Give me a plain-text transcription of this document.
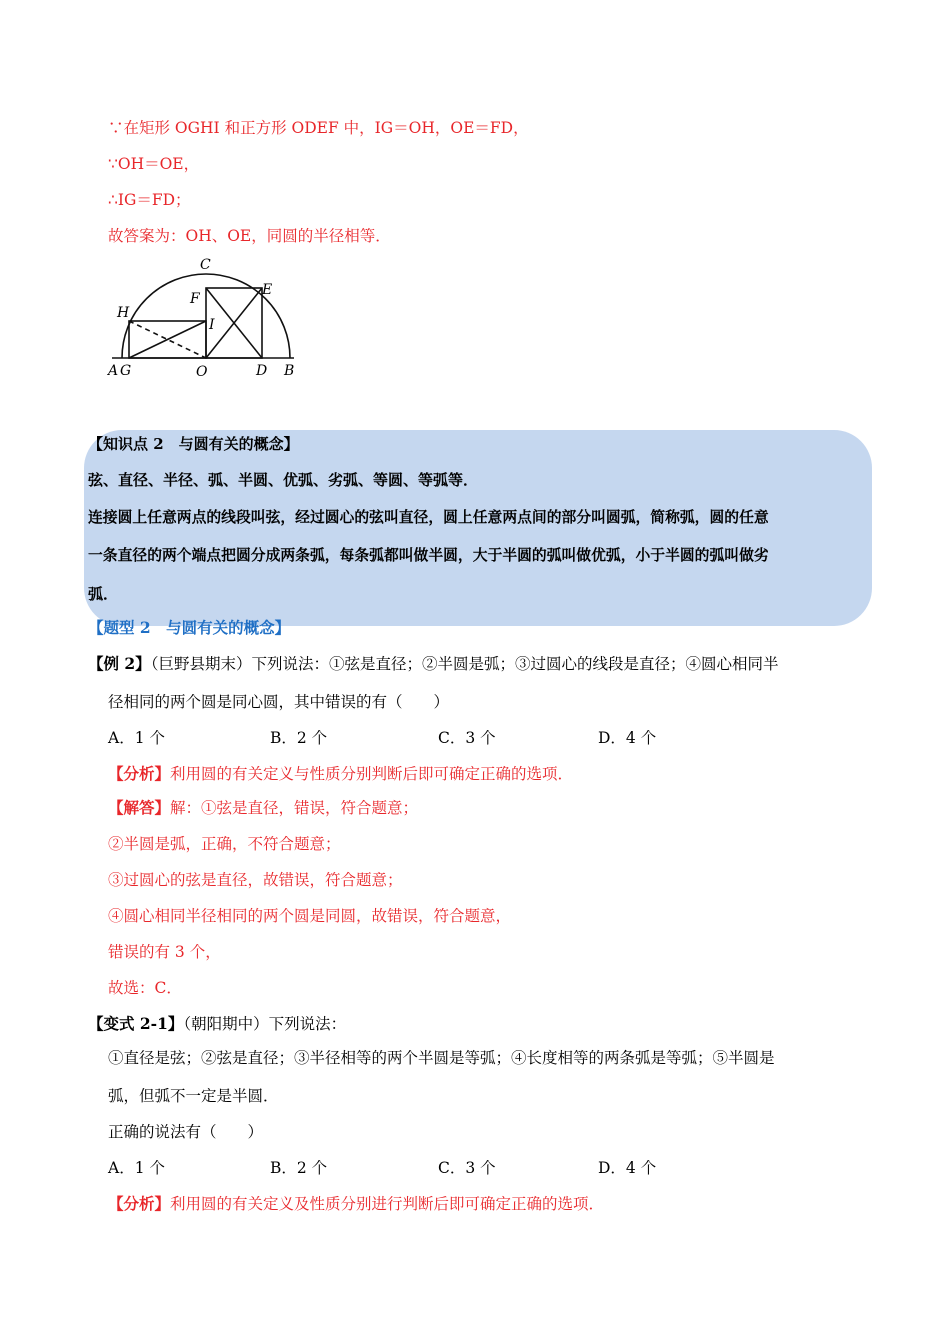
∵在矩形 OGHI 和正方形 ODEF 中，IG＝OH，OE＝FD，
∵OH＝OE，
∴IG＝FD；
故答案为：OH、OE，同圆的半径相等．
C
F
E
H
I
A G	O	D B
【知识点 2　与圆有关的概念】
弦、直径、半径、弧、半圆、优弧、劣弧、等圆、等弧等．
连接圆上任意两点的线段叫弦，经过圆心的弦叫直径，圆上任意两点间的部分叫圆弧，简称弧，圆的任意
一条直径的两个端点把圆分成两条弧，每条弧都叫做半圆，大于半圆的弧叫做优弧，小于半圆的弧叫做劣
弧．
【题型 2　与圆有关的概念】
【例 2】（巨野县期末）下列说法：①弦是直径；②半圆是弧；③过圆心的线段是直径；④圆心相同半
径相同的两个圆是同心圆，其中错误的有（　　）
A．1 个	B．2 个	C．3 个	D．4 个
【分析】利用圆的有关定义与性质分别判断后即可确定正确的选项．
【解答】解：①弦是直径，错误，符合题意；
②半圆是弧，正确，不符合题意；
③过圆心的弦是直径，故错误，符合题意；
④圆心相同半径相同的两个圆是同圆，故错误，符合题意，
错误的有 3 个，
故选：C．
【变式 2-1】（朝阳期中）下列说法：
①直径是弦；②弦是直径；③半径相等的两个半圆是等弧；④长度相等的两条弧是等弧；⑤半圆是
弧，但弧不一定是半圆．
正确的说法有（　　）
A．1 个	B．2 个	C．3 个	D．4 个
【分析】利用圆的有关定义及性质分别进行判断后即可确定正确的选项．
